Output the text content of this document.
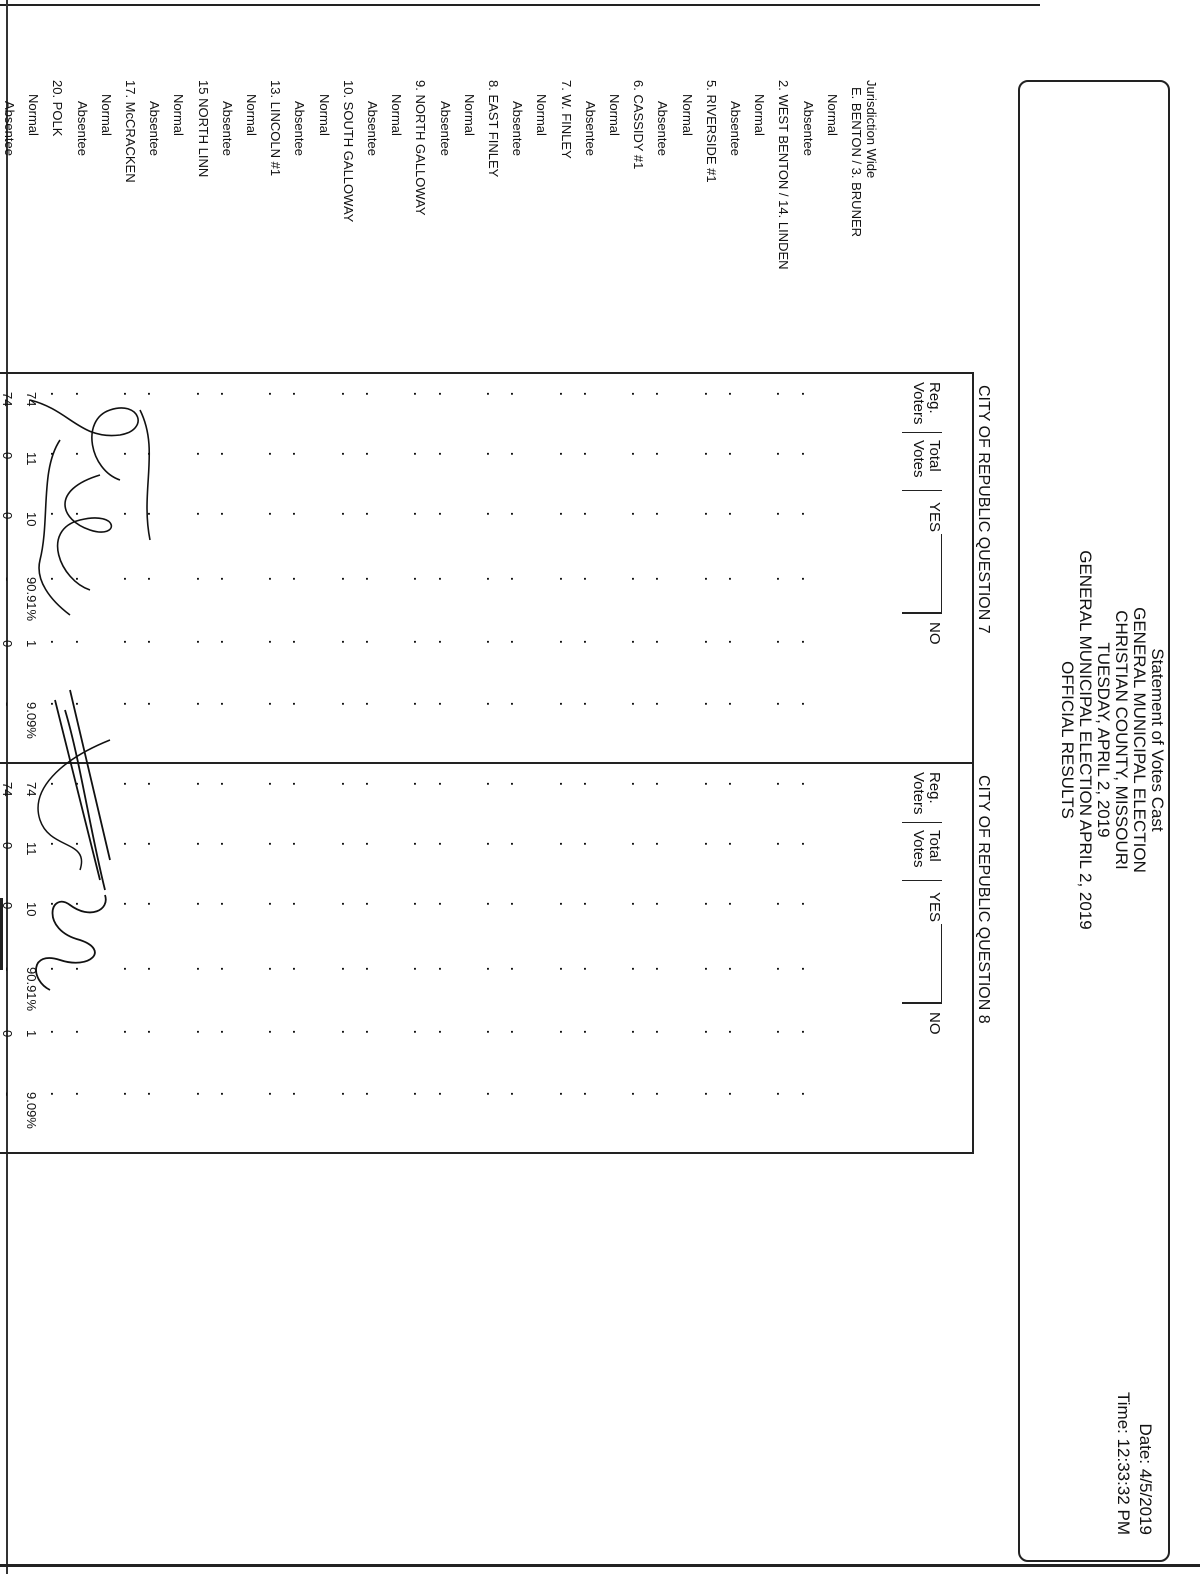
Statement of Votes Cast
GENERAL MUNICIPAL ELECTION
CHRISTIAN COUNTY, MISSOURI
TUESDAY, APRIL 2, 2019
GENERAL MUNICIPAL ELECTION APRIL 2, 2019
OFFICIAL RESULTS
Date: 4/5/2019
Time: 12:33:32 PM
CITY OF REPUBLIC QUESTION 7
CITY OF REPUBLIC QUESTION 8
Reg.
Voters
Total
Votes
YES
NO
Reg.
Voters
Total
Votes
YES
NO
Jurisdiction Wide
E. BENTON / 3. BRUNER
Normal
Absentee
2. WEST BENTON / 14. LINDEN
Normal
Absentee
5. RIVERSIDE #1
Normal
Absentee
6. CASSIDY #1
Normal
Absentee
7. W. FINLEY
Normal
Absentee
8. EAST FINLEY
Normal
Absentee
9. NORTH GALLOWAY
Normal
Absentee
10. SOUTH GALLOWAY
Normal
Absentee
13. LINCOLN #1
Normal
Absentee
15 NORTH LINN
Normal
Absentee
17. McCRACKEN
Normal
Absentee
20. POLK
Normal
Absentee
.
.
.
.
.
.
.
.
.
.
.
.
.
.
.
.
.
.
.
.
.
.
74
74
.
.
.
.
.
.
.
.
.
.
.
.
.
.
.
.
.
.
.
.
.
.
11
0
.
.
.
.
.
.
.
.
.
.
.
.
.
.
.
.
.
.
.
.
.
.
10
0
.
.
.
.
.
.
.
.
.
.
.
.
.
.
.
.
.
.
.
.
.
.
90.91%
-
.
.
.
.
.
.
.
.
.
.
.
.
.
.
.
.
.
.
.
.
.
.
1
0
.
.
.
.
.
.
.
.
.
.
.
.
.
.
.
.
.
.
.
.
.
.
9.09%
-
.
.
.
.
.
.
.
.
.
.
.
.
.
.
.
.
.
.
.
.
.
.
74
74
.
.
.
.
.
.
.
.
.
.
.
.
.
.
.
.
.
.
.
.
.
.
11
0
.
.
.
.
.
.
.
.
.
.
.
.
.
.
.
.
.
.
.
.
.
.
10
0
.
.
.
.
.
.
.
.
.
.
.
.
.
.
.
.
.
.
.
.
.
.
90.91%
-
.
.
.
.
.
.
.
.
.
.
.
.
.
.
.
.
.
.
.
.
.
.
1
0
.
.
.
.
.
.
.
.
.
.
.
.
.
.
.
.
.
.
.
.
.
.
9.09%
-
